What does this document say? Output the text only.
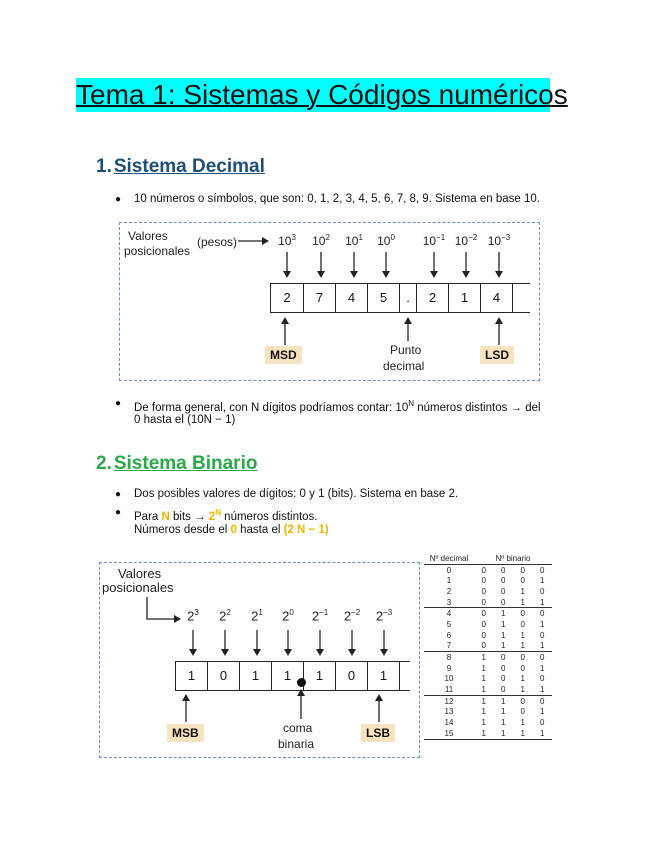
Tema 1: Sistemas y Códigos numéricos
1. Sistema Decimal
● 10 números o símbolos, que son: 0, 1, 2, 3, 4, 5, 6, 7, 8, 9. Sistema en base 10.
Valores
posicionales
(pesos)	$10^3$	$10^2$	$10^1$	$10^0$	$10^{-1}$ $10^{-2}$ $10^{-3}$
2	7	4	5	.	2	1	4
MSD	Punto
decimal
LSD
● De forma general, con N dígitos podríamos contar: $10^N$ números distintos → del
0 hasta el (10N − 1)
2. Sistema Binario
● Dos posibles valores de dígitos: 0 y 1 (bits). Sistema en base 2.
● Para N bits → $2^N$ números distintos.
Números desde el 0 hasta el (2 N − 1)
Valores
posicionales
$2^3$	$2^2$	$2^1$	$2^0$	$2^{-1}$	$2^{-2}$	$2^{-3}$
1	0	1	1	1	0	1
MSB	coma
binaria
LSB
Nº decimal	Nº binario			
0	0	0	0	0
1	0	0	0	1
2	0	0	1	0
3	0	0	1	1
4	0	1	0	0
5	0	1	0	1
6	0	1	1	0
7	0	1	1	1
8	1	0	0	0
9	1	0	0	1
10	1	0	1	0
11	1	0	1	1
12	1	1	0	0
13	1	1	0	1
14	1	1	1	0
15	1	1	1	1
